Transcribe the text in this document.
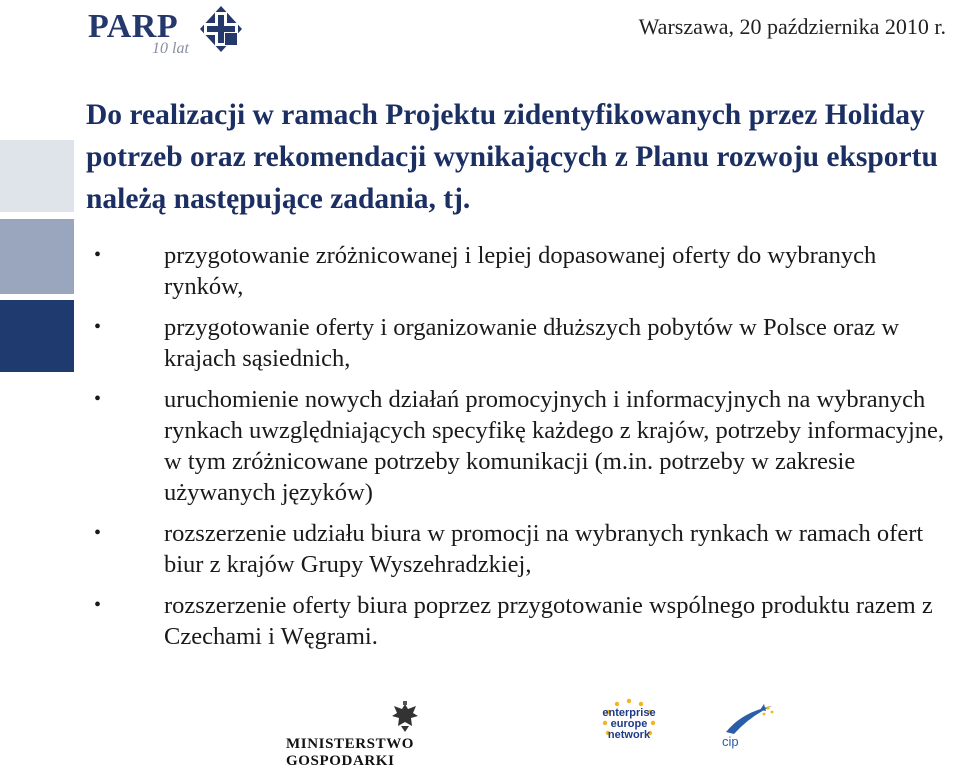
PARP
10 lat
Warszawa, 20 października 2010 r.
Do realizacji w ramach Projektu zidentyfikowanych przez Holiday potrzeb oraz rekomendacji wynikających z Planu rozwoju eksportu należą następujące zadania, tj.
•	przygotowanie zróżnicowanej i lepiej dopasowanej oferty do wybranych rynków,
•	przygotowanie oferty i organizowanie dłuższych pobytów w Polsce oraz w krajach sąsiednich,
•	uruchomienie nowych działań promocyjnych i informacyjnych na wybranych rynkach uwzględniających specyfikę każdego z krajów, potrzeby informacyjne, w tym zróżnicowane potrzeby komunikacji (m.in. potrzeby w zakresie używanych języków)
•	rozszerzenie udziału biura w promocji na wybranych rynkach w ramach ofert biur z krajów Grupy Wyszehradzkiej,
•	rozszerzenie oferty biura poprzez przygotowanie wspólnego produktu razem z Czechami i Węgrami.
MINISTERSTWO GOSPODARKI
enterprise europe network	cip
